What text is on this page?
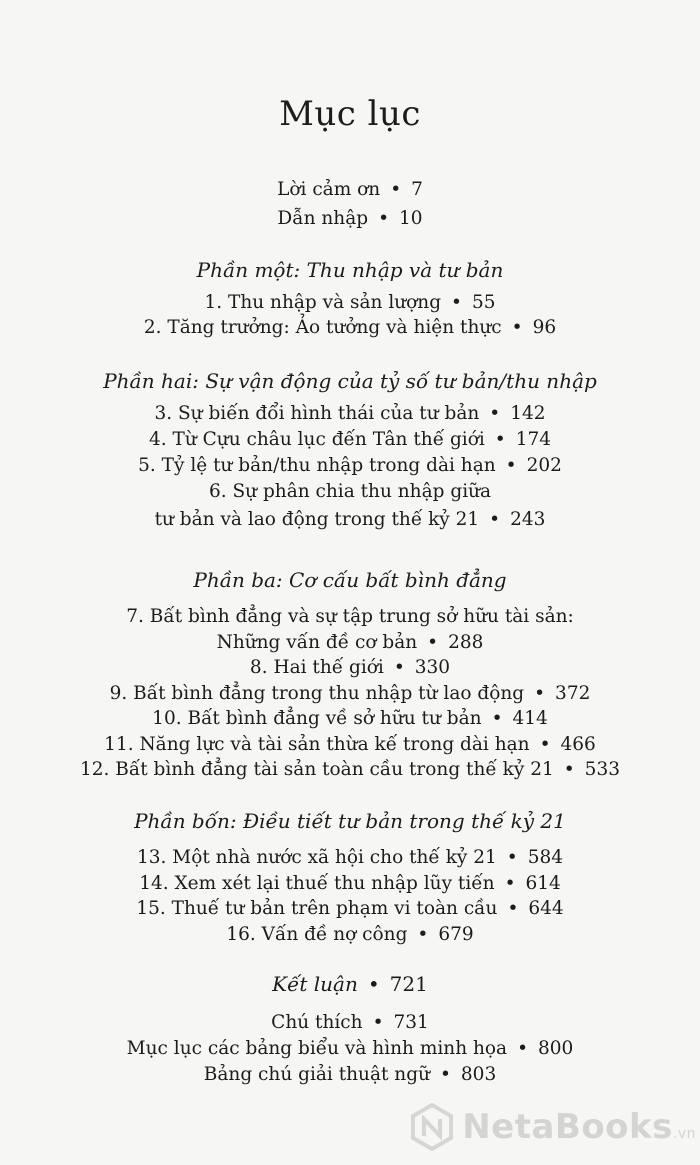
Mục lục
Lời cảm ơn • 7
Dẫn nhập • 10
Phần một: Thu nhập và tư bản
1. Thu nhập và sản lượng • 55
2. Tăng trưởng: Ảo tưởng và hiện thực • 96
Phần hai: Sự vận động của tỷ số tư bản/thu nhập
3. Sự biến đổi hình thái của tư bản • 142
4. Từ Cựu châu lục đến Tân thế giới • 174
5. Tỷ lệ tư bản/thu nhập trong dài hạn • 202
6. Sự phân chia thu nhập giữa
tư bản và lao động trong thế kỷ 21 • 243
Phần ba: Cơ cấu bất bình đẳng
7. Bất bình đẳng và sự tập trung sở hữu tài sản:
Những vấn đề cơ bản • 288
8. Hai thế giới • 330
9. Bất bình đẳng trong thu nhập từ lao động • 372
10. Bất bình đẳng về sở hữu tư bản • 414
11. Năng lực và tài sản thừa kế trong dài hạn • 466
12. Bất bình đẳng tài sản toàn cầu trong thế kỷ 21 • 533
Phần bốn: Điều tiết tư bản trong thế kỷ 21
13. Một nhà nước xã hội cho thế kỷ 21 • 584
14. Xem xét lại thuế thu nhập lũy tiến • 614
15. Thuế tư bản trên phạm vi toàn cầu • 644
16. Vấn đề nợ công • 679
Kết luận • 721
Chú thích • 731
Mục lục các bảng biểu và hình minh họa • 800
Bảng chú giải thuật ngữ • 803
NetaBooks.vn
